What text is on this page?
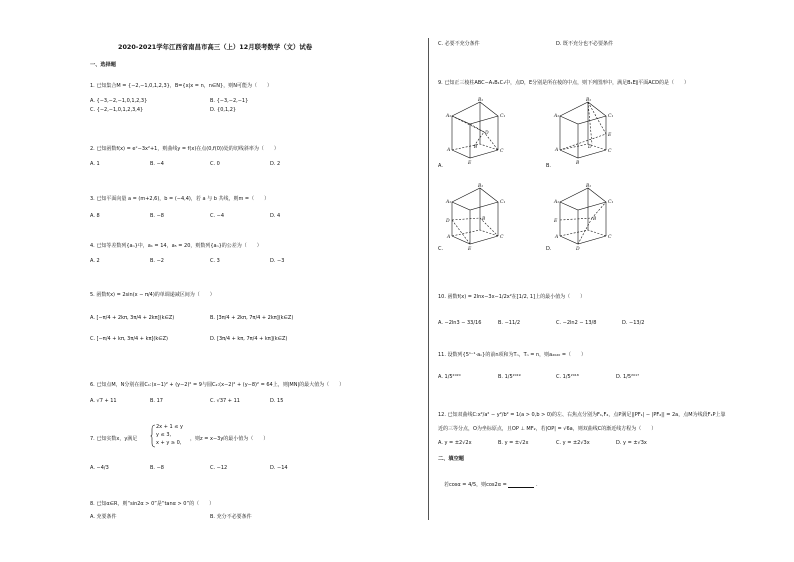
2020-2021学年江西省南昌市高三（上）12月联考数学（文）试卷
一、选择题
1. 已知集合M = {−2,−1,0,1,2,3}，B={x|x = n，n∈N}，则N可能为（　　）
A. {−3,−2,−1,0,1,2,3}	B. {−3,−2,−1}
C. {−2,−1,0,1,2,3,4}	D. {0,1,2}
2. 已知函数f(x) = eˣ−3x²+1，则曲线y = f(x)在点(0,f(0))处的切线斜率为（　　）
A. 1	B. −4	C. 0	D. 2
3. 已知平面向量 a = (m+2,6)，b = (−4,4)，若 a 与 b 共线，则m =（　　）
A. 8	B. −8	C. −4	D. 4
4. 已知等差数列{aₙ}中，a₁ = 14，a₅ = 20，则数列{aₙ}的公差为（　　）
A. 2	B. −2	C. 3	D. −3
5. 函数f(x) = 2sin(x − π/4)的单调递减区间为（　　）
A. [−π/4 + 2kπ, 3π/4 + 2kπ](k∈Z)	B. [3π/4 + 2kπ, 7π/4 + 2kπ](k∈Z)
C. [−π/4 + kπ, 3π/4 + kπ](k∈Z)	D. [3π/4 + kπ, 7π/4 + kπ](k∈Z)
6. 已知点M，N分别在圆C₁:(x−1)² + (y−2)² = 9与圆C₂:(x−2)² + (y−8)² = 64上，则|MN|的最大值为（　　）
A. √7 + 11	B. 17	C. √37 + 11	D. 15
7. 已知实数x，y满足
2x + 1 ≤ y
y ≤ 3,
x + y ≥ 0,
，则z = x−3y的最小值为（　　）
A. −4/3	B. −8	C. −12	D. −14
8. 已知α∈R，则“sin2α > 0”是“tanα > 0”的（　　）
A. 充要条件	B. 充分不必要条件
C. 必要不充分条件	D. 既不充分也不必要条件
9. 已知正三棱柱ABC−A₁B₁C₁中，点D，E分别是所在棱的中点，则下列图形中，满足B₁E∥平面ACD的是（　　）
B₁
A₁	C₁
D
B
A	C
E
A.
B₁
A₁	C₁
E
D
A	C
B
B.
B₁
A₁	C₁
D	B
A	C
E
C.
B₁
A₁	C₁
E	B
A	C
D
D.
10. 函数f(x) = 2lnx−3x−1/2x²在[1/2, 1]上的最小值为（　　）
A. −2ln3 − 33/16	B. −11/2	C. −2ln2 − 13/8	D. −13/2
11. 设数列{5ⁿ⁻¹·aₙ}的前n项和为Tₙ，Tₙ = n，则a₂₀₂₀ =（　　）
A. 1/5²⁰²⁰	B. 1/5²⁰¹⁹	C. 1/5²⁰¹⁸	D. 1/5²⁰¹⁷
12. 已知双曲线C:x²/a² − y²/b² = 1(a > 0,b > 0)的左、右焦点分别为F₁,F₂，点P满足||PF₁| − |PF₂|| = 2a，点M为线段F₁P上靠
近的三等分点，O为坐标原点，且OP ⊥ MF₂，若|OP| = √6a，则双曲线C的渐近线方程为（　　）
A. y = ±2√2x	B. y = ±√2x	C. y = ±2√3x	D. y = ±√3x
二、填空题
若cosα = 4/5，则cos2α =	.
